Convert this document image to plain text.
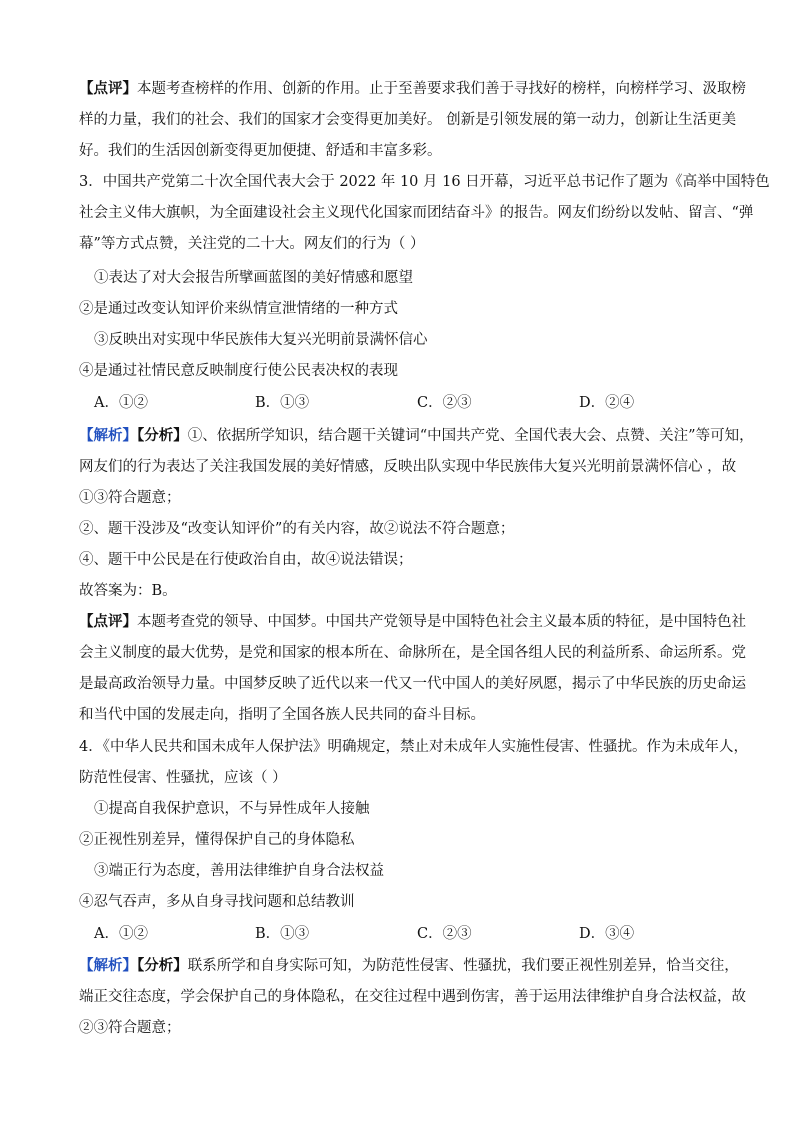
【点评】本题考查榜样的作用、创新的作用。止于至善要求我们善于寻找好的榜样，向榜样学习、汲取榜
样的力量，我们的社会、我们的国家才会变得更加美好。 创新是引领发展的第一动力，创新让生活更美
好。我们的生活因创新变得更加便捷、舒适和丰富多彩。
3．中国共产党第二十次全国代表大会于 2022 年 10 月 16 日开幕，习近平总书记作了题为《高举中国特色
社会主义伟大旗帜，为全面建设社会主义现代化国家而团结奋斗》的报告。网友们纷纷以发帖、留言、“弹
幕”等方式点赞，关注党的二十大。网友们的行为（ ）
①表达了对大会报告所擘画蓝图的美好情感和愿望
②是通过改变认知评价来纵情宣泄情绪的一种方式
③反映出对实现中华民族伟大复兴光明前景满怀信心
④是通过社情民意反映制度行使公民表决权的表现
A．①②	B．①③	C．②③	D．②④
【解析】【分析】①、依据所学知识，结合题干关键词“中国共产党、全国代表大会、点赞、关注”等可知，
网友们的行为表达了关注我国发展的美好情感，反映出队实现中华民族伟大复兴光明前景满怀信心 ，故
①③符合题意；
②、题干没涉及“改变认知评价”的有关内容，故②说法不符合题意；
④、题干中公民是在行使政治自由，故④说法错误；
故答案为：B。
【点评】本题考查党的领导、中国梦。中国共产党领导是中国特色社会主义最本质的特征，是中国特色社
会主义制度的最大优势，是党和国家的根本所在、命脉所在，是全国各组人民的利益所系、命运所系。党
是最高政治领导力量。中国梦反映了近代以来一代又一代中国人的美好夙愿，揭示了中华民族的历史命运
和当代中国的发展走向，指明了全国各族人民共同的奋斗目标。
4．《中华人民共和国未成年人保护法》明确规定，禁止对未成年人实施性侵害、性骚扰。作为未成年人，
防范性侵害、性骚扰，应该（ ）
①提高自我保护意识，不与异性成年人接触
②正视性别差异，懂得保护自己的身体隐私
③端正行为态度，善用法律维护自身合法权益
④忍气吞声，多从自身寻找问题和总结教训
A．①②	B．①③	C．②③	D．③④
【解析】【分析】联系所学和自身实际可知，为防范性侵害、性骚扰，我们要正视性别差异，恰当交往，
端正交往态度，学会保护自己的身体隐私，在交往过程中遇到伤害，善于运用法律维护自身合法权益，故
②③符合题意；
